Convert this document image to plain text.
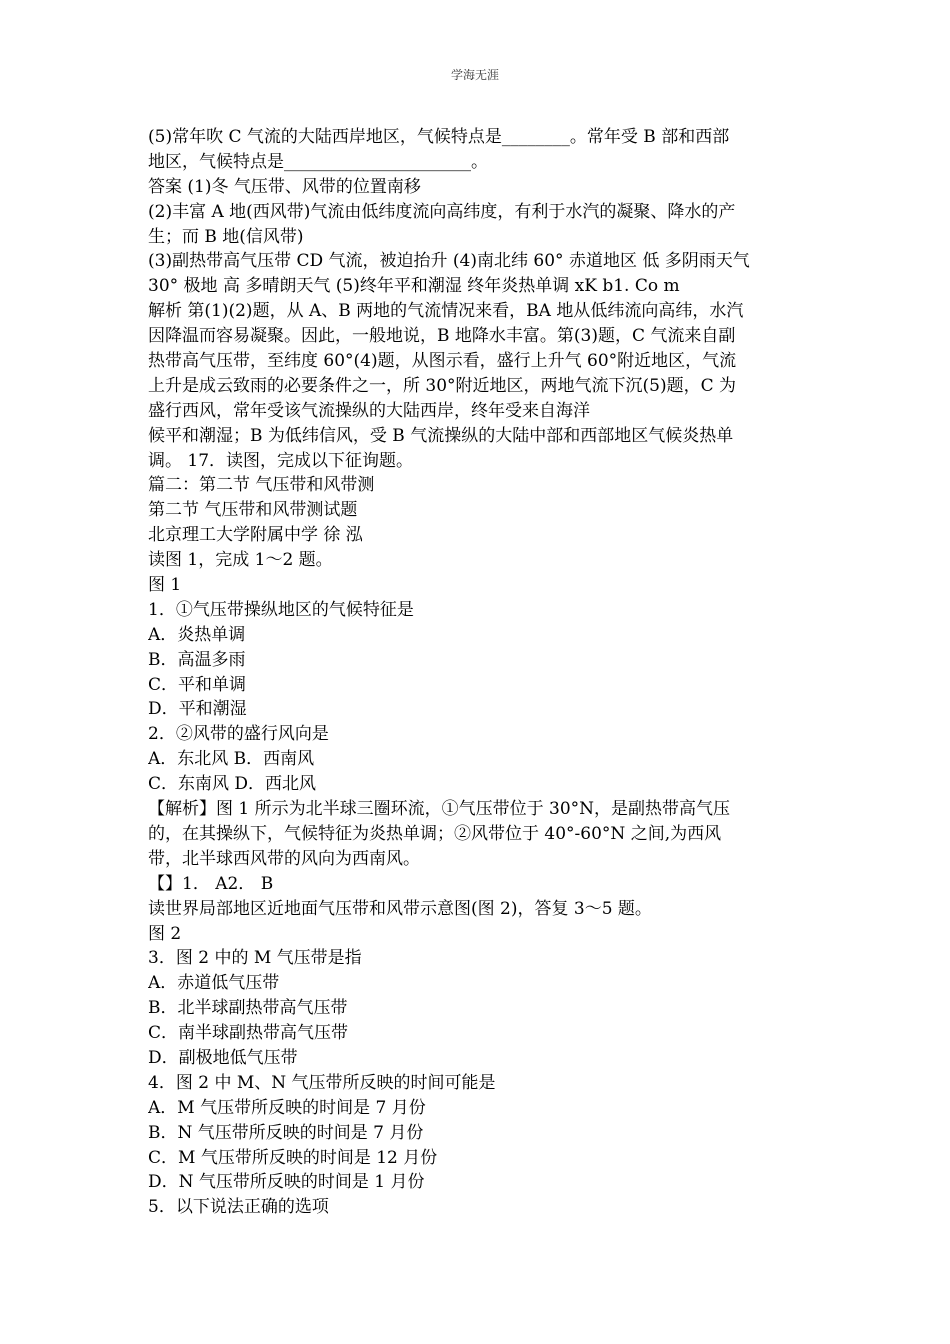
学海无涯
(5)常年吹 C 气流的大陆西岸地区，气候特点是________。常年受 B 部和西部
地区，气候特点是______________________。
答案 (1)冬 气压带、风带的位置南移
(2)丰富 A 地(西风带)气流由低纬度流向高纬度，有利于水汽的凝聚、降水的产
生；而 B 地(信风带)
(3)副热带高气压带 CD 气流，被迫抬升 (4)南北纬 60° 赤道地区 低 多阴雨天气
30° 极地 高 多晴朗天气 (5)终年平和潮湿 终年炎热单调 xK b1. Co m
解析 第(1)(2)题，从 A、B 两地的气流情况来看，BA 地从低纬流向高纬，水汽
因降温而容易凝聚。因此，一般地说，B 地降水丰富。第(3)题，C 气流来自副
热带高气压带，至纬度 60°(4)题，从图示看，盛行上升气 60°附近地区，气流
上升是成云致雨的必要条件之一，所 30°附近地区，两地气流下沉(5)题，C 为
盛行西风，常年受该气流操纵的大陆西岸，终年受来自海洋
候平和潮湿；B 为低纬信风，受 B 气流操纵的大陆中部和西部地区气候炎热单
调。 17．读图，完成以下征询题。
篇二：第二节 气压带和风带测
第二节 气压带和风带测试题
北京理工大学附属中学 徐 泓
读图 1，完成 1～2 题。
图 1
1．①气压带操纵地区的气候特征是
A．炎热单调
B．高温多雨
C．平和单调
D．平和潮湿
2．②风带的盛行风向是
A．东北风 B．西南风
C．东南风 D．西北风
【解析】图 1 所示为北半球三圈环流，①气压带位于 30°N，是副热带高气压
的，在其操纵下，气候特征为炎热单调；②风带位于 40°-60°N 之间,为西风
带，北半球西风带的风向为西南风。
【】1． A2． B
读世界局部地区近地面气压带和风带示意图(图 2)，答复 3～5 题。
图 2
3．图 2 中的 M 气压带是指
A．赤道低气压带
B．北半球副热带高气压带
C．南半球副热带高气压带
D．副极地低气压带
4．图 2 中 M、N 气压带所反映的时间可能是
A．M 气压带所反映的时间是 7 月份
B．N 气压带所反映的时间是 7 月份
C．M 气压带所反映的时间是 12 月份
D．N 气压带所反映的时间是 1 月份
5．以下说法正确的选项
